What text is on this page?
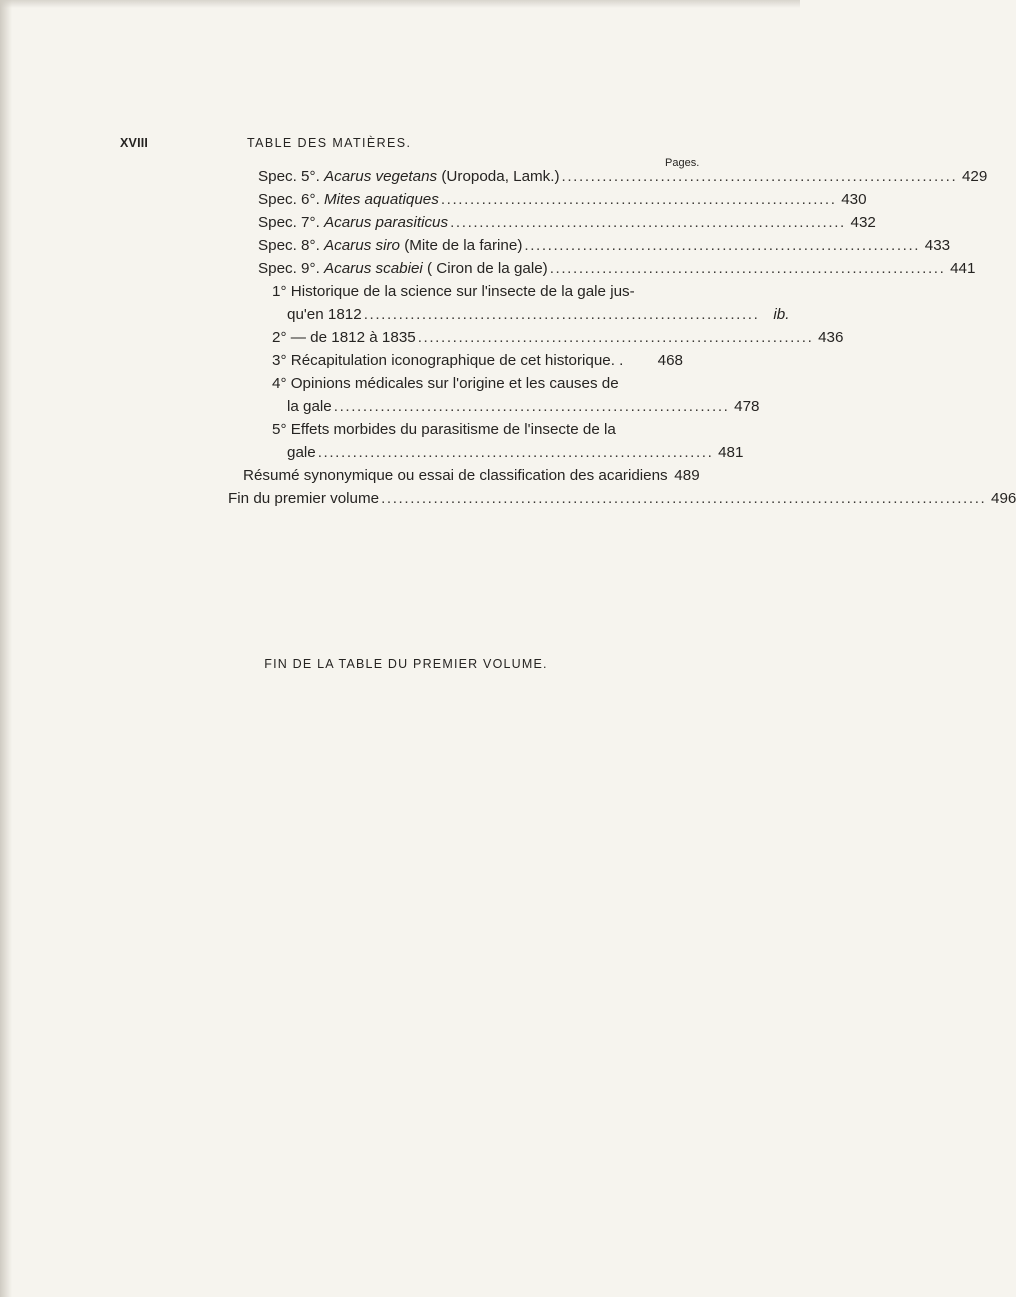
XVIII	TABLE DES MATIÈRES.
Pages.
Spec. 5°. Acarus vegetans (Uropoda, Lamk.) .................................................................... 429
Spec. 6°. Mites aquatiques .................................................................... 430
Spec. 7°. Acarus parasiticus .................................................................... 432
Spec. 8°. Acarus siro (Mite de la farine) .................................................................... 433
Spec. 9°. Acarus scabiei ( Ciron de la gale) .................................................................... 441
1° Historique de la science sur l'insecte de la gale jus-
qu'en 1812 .................................................................... ib.
2° — de 1812 à 1835 .................................................................... 436
3° Récapitulation iconographique de cet historique. . 468
4° Opinions médicales sur l'origine et les causes de
la gale .................................................................... 478
5° Effets morbides du parasitisme de l'insecte de la
gale .................................................................... 481
Résumé synonymique ou essai de classification des acaridiens 489
Fin du premier volume ........................................................................................................ 496
FIN DE LA TABLE DU PREMIER VOLUME.
